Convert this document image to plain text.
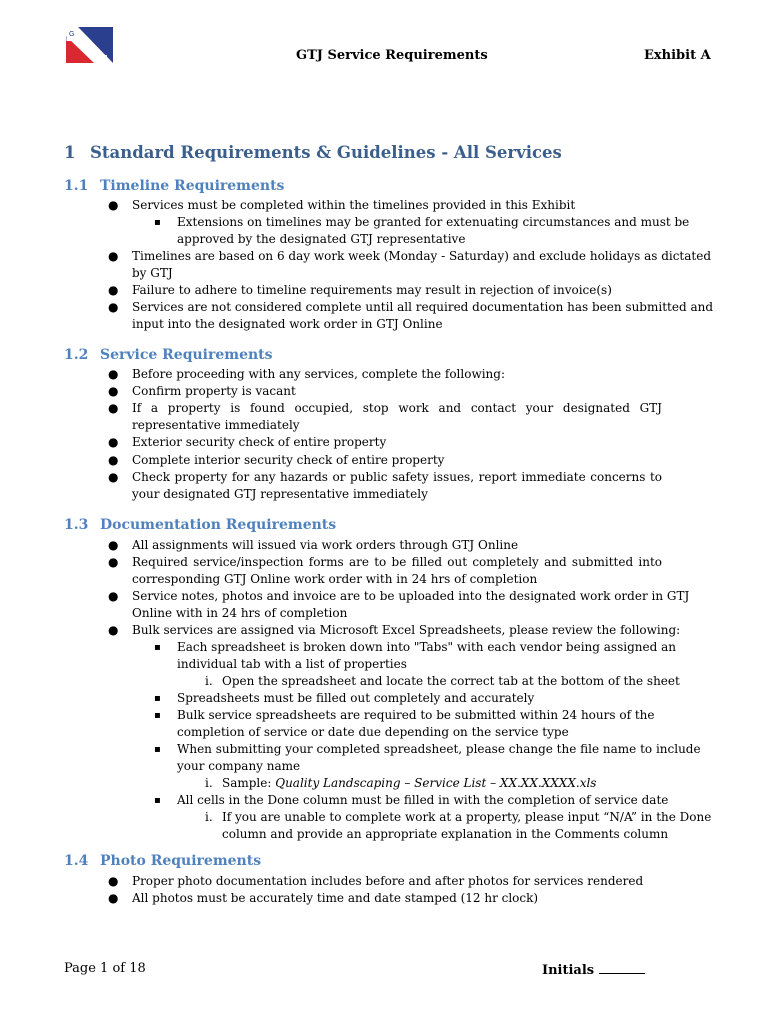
G
T
J	GTJ Service Requirements	Exhibit A
1 Standard Requirements & Guidelines - All Services
1.1 Timeline Requirements
● Services must be completed within the timelines provided in this Exhibit
▪ Extensions on timelines may be granted for extenuating circumstances and must be
approved by the designated GTJ representative
● Timelines are based on 6 day work week (Monday - Saturday) and exclude holidays as dictated
by GTJ
● Failure to adhere to timeline requirements may result in rejection of invoice(s)
● Services are not considered complete until all required documentation has been submitted and
input into the designated work order in GTJ Online
1.2 Service Requirements
● Before proceeding with any services, complete the following:
● Confirm property is vacant
● If a property is found occupied, stop work and contact your designated GTJ
representative immediately
● Exterior security check of entire property
● Complete interior security check of entire property
● Check property for any hazards or public safety issues, report immediate concerns to
your designated GTJ representative immediately
1.3 Documentation Requirements
● All assignments will issued via work orders through GTJ Online
● Required service/inspection forms are to be filled out completely and submitted into
corresponding GTJ Online work order with in 24 hrs of completion
● Service notes, photos and invoice are to be uploaded into the designated work order in GTJ
Online with in 24 hrs of completion
● Bulk services are assigned via Microsoft Excel Spreadsheets, please review the following:
▪ Each spreadsheet is broken down into "Tabs" with each vendor being assigned an
individual tab with a list of properties
i. Open the spreadsheet and locate the correct tab at the bottom of the sheet
▪ Spreadsheets must be filled out completely and accurately
▪ Bulk service spreadsheets are required to be submitted within 24 hours of the
completion of service or date due depending on the service type
▪ When submitting your completed spreadsheet, please change the file name to include
your company name
i. Sample: Quality Landscaping – Service List – XX.XX.XXXX.xls
▪ All cells in the Done column must be filled in with the completion of service date
i. If you are unable to complete work at a property, please input “N/A” in the Done
column and provide an appropriate explanation in the Comments column
1.4 Photo Requirements
● Proper photo documentation includes before and after photos for services rendered
● All photos must be accurately time and date stamped (12 hr clock)
Page 1 of 18	Initials
